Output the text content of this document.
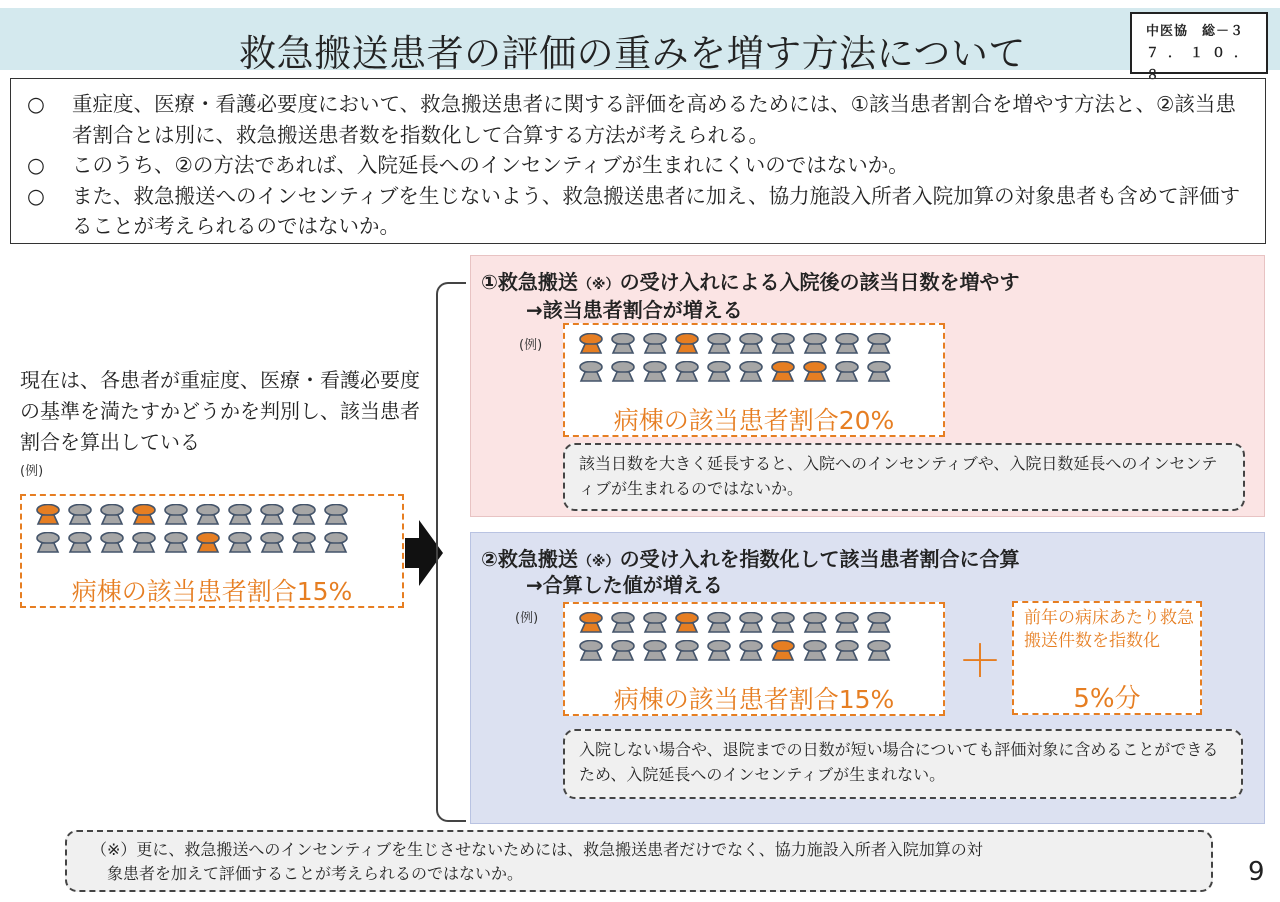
救急搬送患者の評価の重みを増す方法について
中医協　総－３
７．１０．８
○	重症度、医療・看護必要度において、救急搬送患者に関する評価を高めるためには、①該当患者割合を増やす方法と、②該当患者割合とは別に、救急搬送患者数を指数化して合算する方法が考えられる。
○	このうち、②の方法であれば、入院延長へのインセンティブが生まれにくいのではないか。
○	また、救急搬送へのインセンティブを生じないよう、救急搬送患者に加え、協力施設入所者入院加算の対象患者も含めて評価することが考えられるのではないか。
現在は、各患者が重症度、医療・看護必要度の基準を満たすかどうかを判別し、該当患者割合を算出している
(例)
病棟の該当患者割合15%
①救急搬送（※）の受け入れによる入院後の該当日数を増やす
→該当患者割合が増える
(例)
病棟の該当患者割合20%
該当日数を大きく延長すると、入院へのインセンティブや、入院日数延長へのインセンティブが生まれるのではないか。
②救急搬送（※）の受け入れを指数化して該当患者割合に合算
→合算した値が増える
(例)
病棟の該当患者割合15%
入院しない場合や、退院までの日数が短い場合についても評価対象に含めることができるため、入院延長へのインセンティブが生まれない。
＋
前年の病床あたり救急搬送件数を指数化
5%分
（※）更に、救急搬送へのインセンティブを生じさせないためには、救急搬送患者だけでなく、協力施設入所者入院加算の対
象患者を加えて評価することが考えられるのではないか。	9
